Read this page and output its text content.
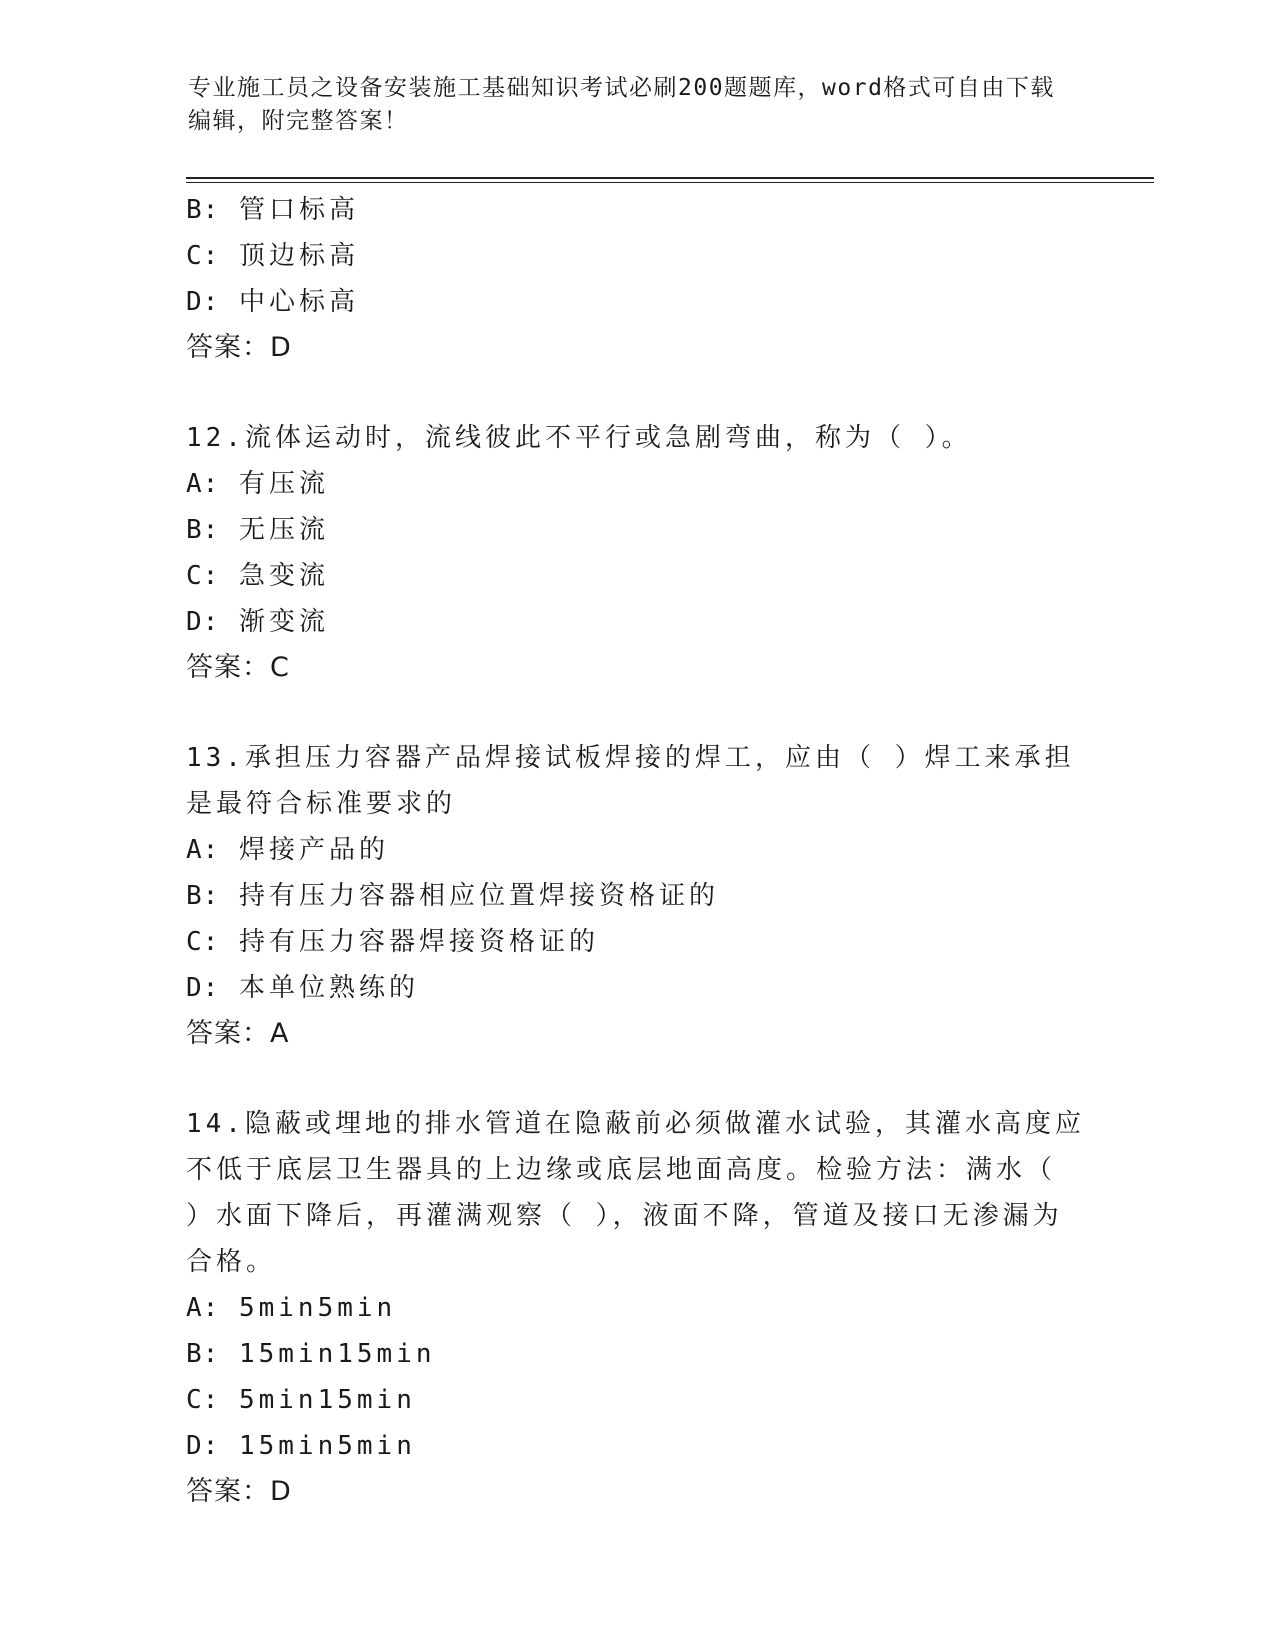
专业施工员之设备安装施工基础知识考试必刷200题题库，word格式可自由下载编辑，附完整答案！
B: 管口标高
C: 顶边标高
D: 中心标高
答案：D
12.流体运动时，流线彼此不平行或急剧弯曲，称为（ ）。
A: 有压流
B: 无压流
C: 急变流
D: 渐变流
答案：C
13.承担压力容器产品焊接试板焊接的焊工，应由（ ）焊工来承担是最符合标准要求的
A: 焊接产品的
B: 持有压力容器相应位置焊接资格证的
C: 持有压力容器焊接资格证的
D: 本单位熟练的
答案：A
14.隐蔽或埋地的排水管道在隐蔽前必须做灌水试验，其灌水高度应不低于底层卫生器具的上边缘或底层地面高度。检验方法：满水（ ）水面下降后，再灌满观察（ ），液面不降，管道及接口无渗漏为合格。
A: 5min5min
B: 15min15min
C: 5min15min
D: 15min5min
答案：D
